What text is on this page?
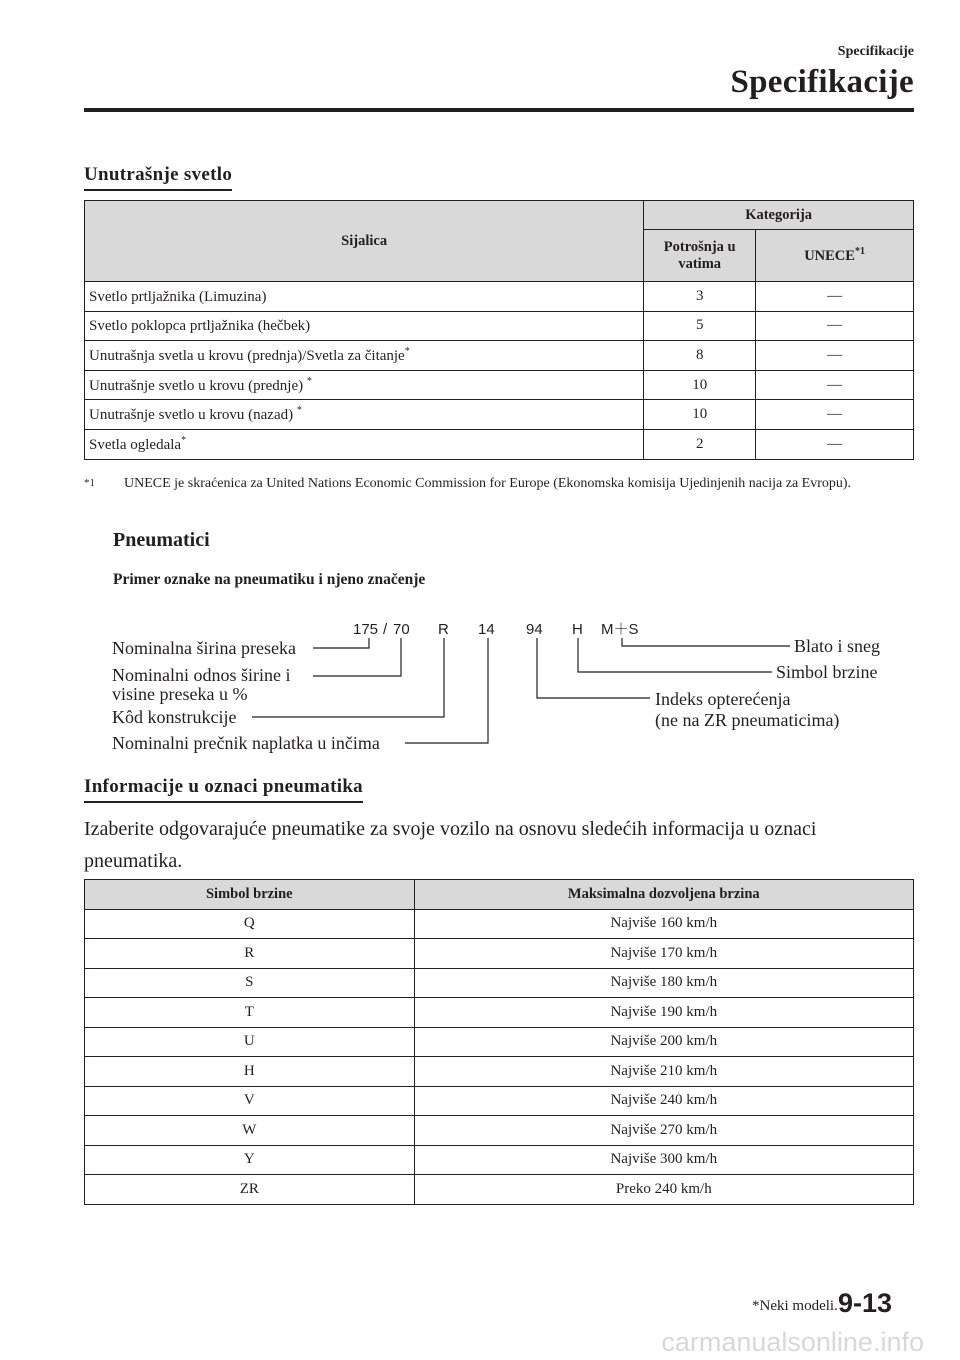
Specifikacije
Specifikacije
Unutrašnje svetlo
Sijalica	Kategorija	
	Potrošnja u vatima	UNECE$^{*1}$
Svetlo prtljažnika (Limuzina)	3	―
Svetlo poklopca prtljažnika (hečbek)	5	―
Unutrašnja svetla u krovu (prednja)/Svetla za čitanje*	8	―
Unutrašnje svetlo u krovu (prednje) *	10	―
Unutrašnje svetlo u krovu (nazad) *	10	―
Svetla ogledala*	2	―
$^{*1}$	UNECE je skraćenica za United Nations Economic Commission for Europe (Ekonomska komisija Ujedinjenih nacija za Evropu).
Pneumatici
Primer oznake na pneumatiku i njeno značenje
175 / 70 R 14 94 H M＋S
Nominalna širina preseka
Nominalni odnos širine i
visine preseka u %
Kôd konstrukcije
Nominalni prečnik naplatka u inčima
Blato i sneg
Simbol brzine
Indeks opterećenja
(ne na ZR pneumaticima)
Informacije u oznaci pneumatika
Izaberite odgovarajuće pneumatike za svoje vozilo na osnovu sledećih informacija u oznaci pneumatika.
Simbol brzine	Maksimalna dozvoljena brzina
Q	Najviše 160 km/h
R	Najviše 170 km/h
S	Najviše 180 km/h
T	Najviše 190 km/h
U	Najviše 200 km/h
H	Najviše 210 km/h
V	Najviše 240 km/h
W	Najviše 270 km/h
Y	Najviše 300 km/h
ZR	Preko 240 km/h
*Neki modeli. 9-13
carmanualsonline.info
